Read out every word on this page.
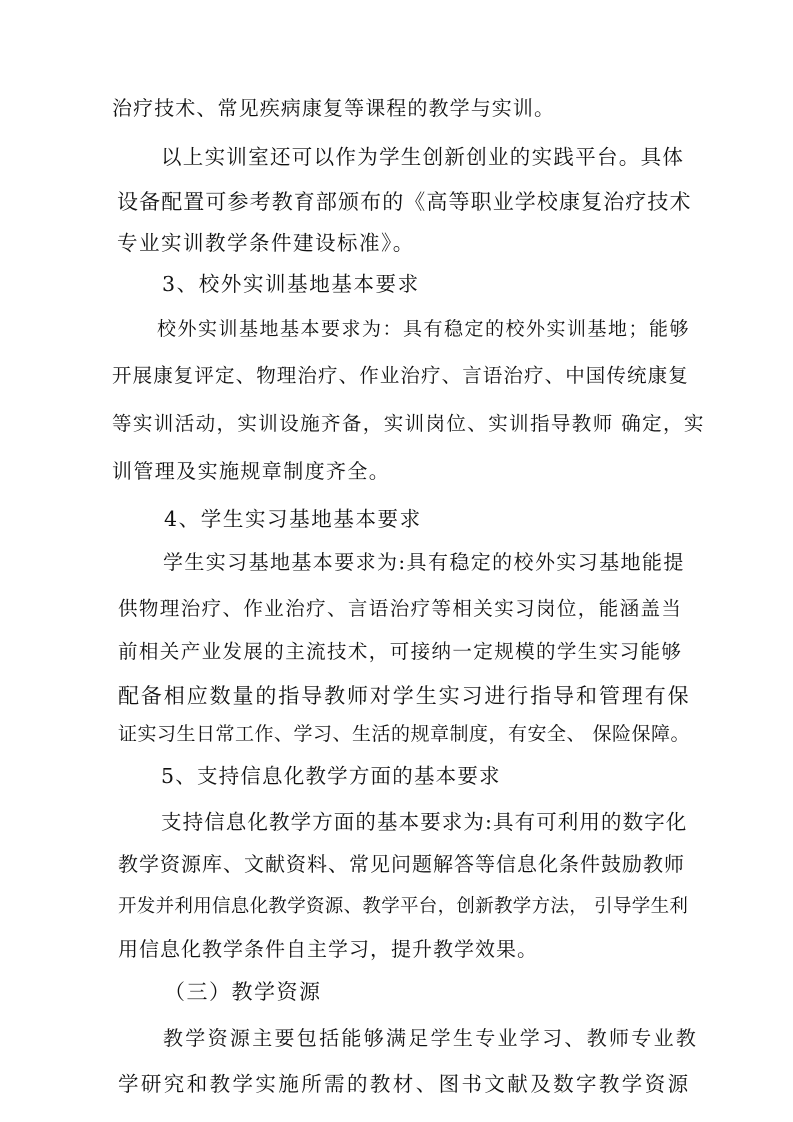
治疗技术、常见疾病康复等课程的教学与实训。

以上实训室还可以作为学生创新创业的实践平台。具体

设备配置可参考教育部颁布的《高等职业学校康复治疗技术

专业实训教学条件建设标准》。

3、校外实训基地基本要求

校外实训基地基本要求为：具有稳定的校外实训基地；能够

开展康复评定、物理治疗、作业治疗、言语治疗、中国传统康复

等实训活动，实训设施齐备，实训岗位、实训指导教师 确定，实

训管理及实施规章制度齐全。

4、学生实习基地基本要求

学生实习基地基本要求为:具有稳定的校外实习基地能提

供物理治疗、作业治疗、言语治疗等相关实习岗位，能涵盖当

前相关产业发展的主流技术，可接纳一定规模的学生实习能够

配备相应数量的指导教师对学生实习进行指导和管理有保

证实习生日常工作、学习、生活的规章制度，有安全、 保险保障。

5、支持信息化教学方面的基本要求

支持信息化教学方面的基本要求为:具有可利用的数字化

教学资源库、文献资料、常见问题解答等信息化条件鼓励教师

开发并利用信息化教学资源、教学平台，创新教学方法， 引导学生利

用信息化教学条件自主学习，提升教学效果。

（三）教学资源

教学资源主要包括能够满足学生专业学习、教师专业教

学研究和教学实施所需的教材、图书文献及数字教学资源
